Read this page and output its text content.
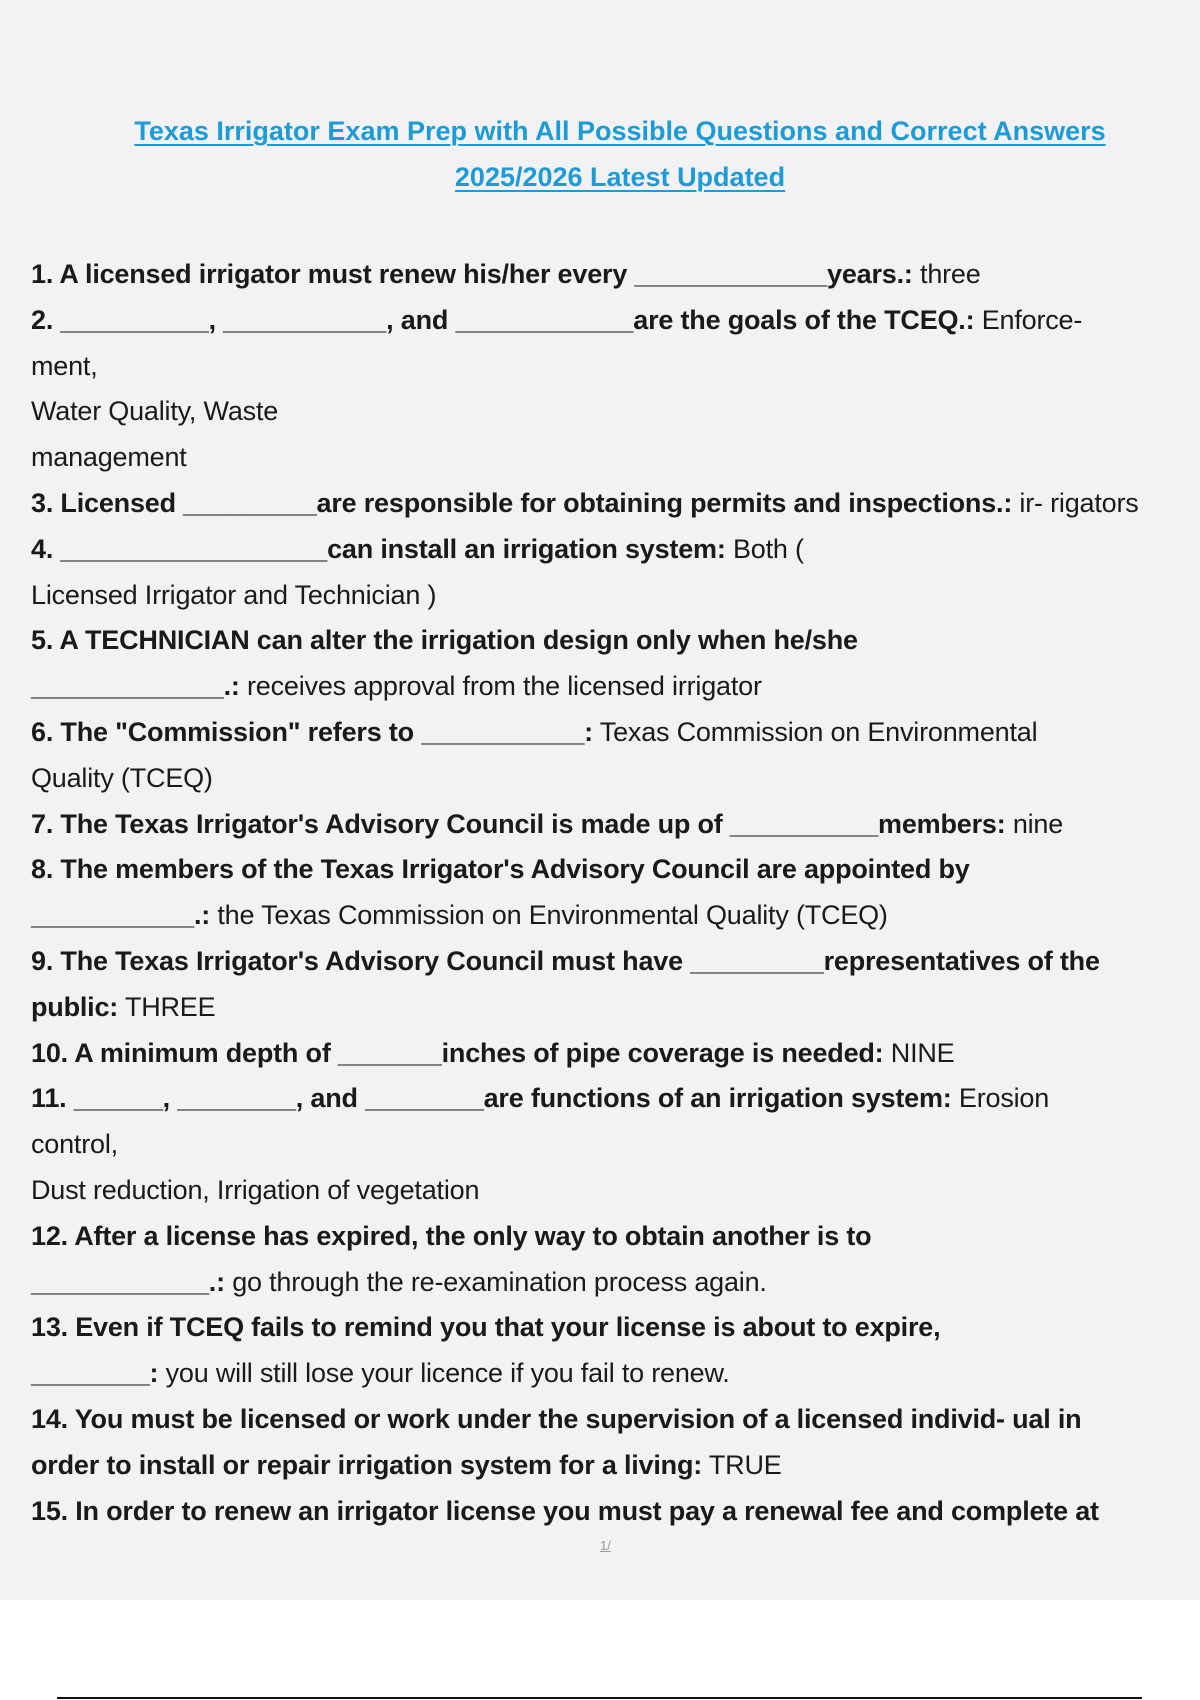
Texas Irrigator Exam Prep with All Possible Questions and Correct Answers
2025/2026 Latest Updated
1. A licensed irrigator must renew his/her every _____________years.: three
2. __________, ___________, and ____________are the goals of the TCEQ.: Enforce-
ment,
Water Quality, Waste
management
3. Licensed _________are responsible for obtaining permits and inspections.: ir- rigators
4. __________________can install an irrigation system: Both (
Licensed Irrigator and Technician )
5. A TECHNICIAN can alter the irrigation design only when he/she
_____________.: receives approval from the licensed irrigator
6. The "Commission" refers to ___________: Texas Commission on Environmental
Quality (TCEQ)
7. The Texas Irrigator's Advisory Council is made up of __________members: nine
8. The members of the Texas Irrigator's Advisory Council are appointed by
___________.: the Texas Commission on Environmental Quality (TCEQ)
9. The Texas Irrigator's Advisory Council must have _________representatives of the
public: THREE
10. A minimum depth of _______inches of pipe coverage is needed: NINE
11. ______, ________, and ________are functions of an irrigation system: Erosion
control,
Dust reduction, Irrigation of vegetation
12. After a license has expired, the only way to obtain another is to
____________.: go through the re-examination process again.
13. Even if TCEQ fails to remind you that your license is about to expire,
________: you will still lose your licence if you fail to renew.
14. You must be licensed or work under the supervision of a licensed individ- ual in
order to install or repair irrigation system for a living: TRUE
15. In order to renew an irrigator license you must pay a renewal fee and complete at
1/
